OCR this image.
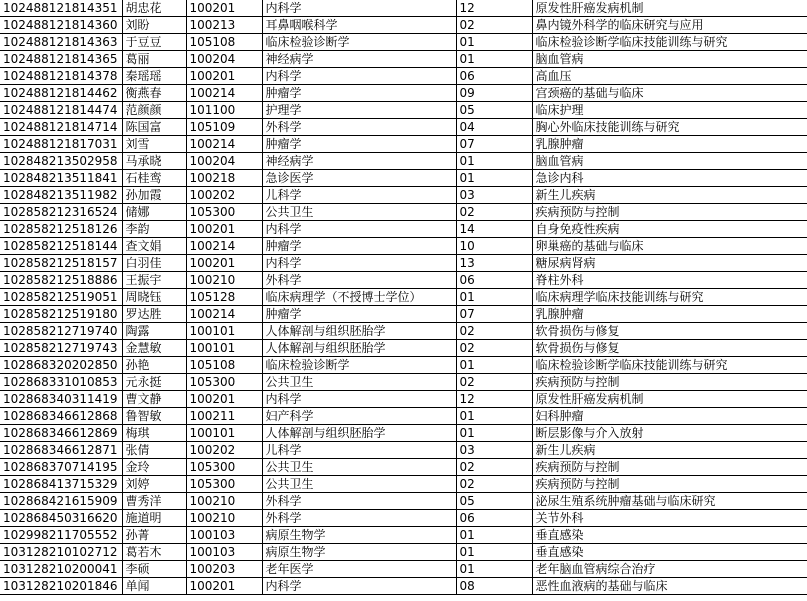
102488121814351	胡忠花	100201	内科学	12	原发性肝癌发病机制
102488121814360	刘盼	100213	耳鼻咽喉科学	02	鼻内镜外科学的临床研究与应用
102488121814363	于豆豆	105108	临床检验诊断学	01	临床检验诊断学临床技能训练与研究
102488121814365	葛丽	100204	神经病学	01	脑血管病
102488121814378	秦瑶瑶	100201	内科学	06	高血压
102488121814462	衡燕春	100214	肿瘤学	09	宫颈癌的基础与临床
102488121814474	范颜颜	101100	护理学	05	临床护理
102488121814714	陈国富	105109	外科学	04	胸心外临床技能训练与研究
102488121817031	刘雪	100214	肿瘤学	07	乳腺肿瘤
102848213502958	马承晓	100204	神经病学	01	脑血管病
102848213511841	石桂鸾	100218	急诊医学	01	急诊内科
102848213511982	孙加霞	100202	儿科学	03	新生儿疾病
102858212316524	储娜	105300	公共卫生	02	疾病预防与控制
102858212518126	李韵	100201	内科学	14	自身免疫性疾病
102858212518144	查文娟	100214	肿瘤学	10	卵巢癌的基础与临床
102858212518157	白羽佳	100201	内科学	13	糖尿病肾病
102858212518886	王振宇	100210	外科学	06	脊柱外科
102858212519051	周晓钰	105128	临床病理学（不授博士学位）	01	临床病理学临床技能训练与研究
102858212519180	罗达胜	100214	肿瘤学	07	乳腺肿瘤
102858212719740	陶露	100101	人体解剖与组织胚胎学	02	软骨损伤与修复
102858212719743	金慧敏	100101	人体解剖与组织胚胎学	02	软骨损伤与修复
102868320202850	孙艳	105108	临床检验诊断学	01	临床检验诊断学临床技能训练与研究
102868331010853	元永挺	105300	公共卫生	02	疾病预防与控制
102868340311419	曹文静	100201	内科学	12	原发性肝癌发病机制
102868346612868	鲁智敏	100211	妇产科学	01	妇科肿瘤
102868346612869	梅琪	100101	人体解剖与组织胚胎学	01	断层影像与介入放射
102868346612871	张倩	100202	儿科学	03	新生儿疾病
102868370714195	金玲	105300	公共卫生	02	疾病预防与控制
102868413715329	刘婷	105300	公共卫生	02	疾病预防与控制
102868421615909	曹秀洋	100210	外科学	05	泌尿生殖系统肿瘤基础与临床研究
102868450316620	施道明	100210	外科学	06	关节外科
102998211705552	孙菁	100103	病原生物学	01	垂直感染
103128210102712	葛若木	100103	病原生物学	01	垂直感染
103128210200041	李硕	100203	老年医学	01	老年脑血管病综合治疗
103128210201846	单闻	100201	内科学	08	恶性血液病的基础与临床
